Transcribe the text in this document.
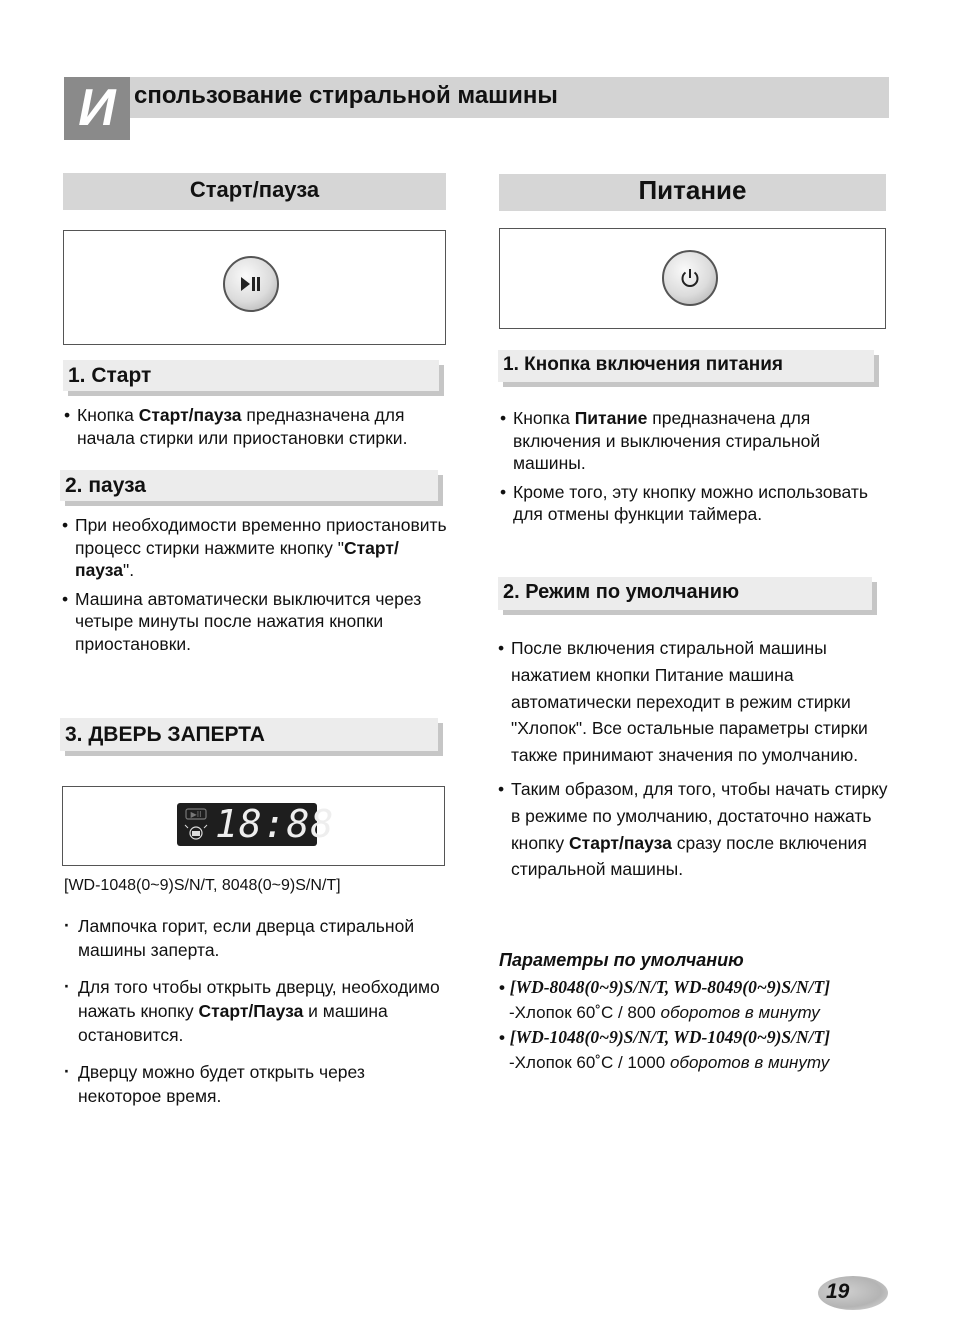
И спользование стиральной машины
Старт/пауза	Питание
1. Старт
• Кнопка Старт/пауза предназначена для начала стирки или приостановки стирки.
2. пауза
• При необходимости временно приостановить процесс стирки нажмите кнопку "Старт/пауза".
• Машина автоматически выключится через четыре минуты после нажатия кнопки приостановки.
3. ДВЕРЬ ЗАПЕРТА
▶II 18:88
[WD-1048(0~9)S/N/T, 8048(0~9)S/N/T]
· Лампочка горит, если дверца стиральной машины заперта.
· Для того чтобы открыть дверцу, необходимо нажать кнопку Старт/Пауза и машина остановится.
· Дверцу можно будет открыть через некоторое время.
1. Кнопка включения питания
• Кнопка Питание предназначена для включения и выключения стиральной машины.
• Кроме того, эту кнопку можно использовать для отмены функции таймера.
2. Режим по умолчанию
• После включения стиральной машины нажатием кнопки Питание машина автоматически переходит в режим стирки "Хлопок". Все остальные параметры стирки также принимают значения по умолчанию.
• Таким образом, для того, чтобы начать стирку в режиме по умолчанию, достаточно нажать кнопку Старт/пауза сразу после включения стиральной машины.
Параметры по умолчанию
• [WD-8048(0~9)S/N/T, WD-8049(0~9)S/N/T]
-Хлопок 60˚C / 800 оборотов в минуту
• [WD-1048(0~9)S/N/T, WD-1049(0~9)S/N/T]
-Хлопок 60˚C / 1000 оборотов в минуту
19
